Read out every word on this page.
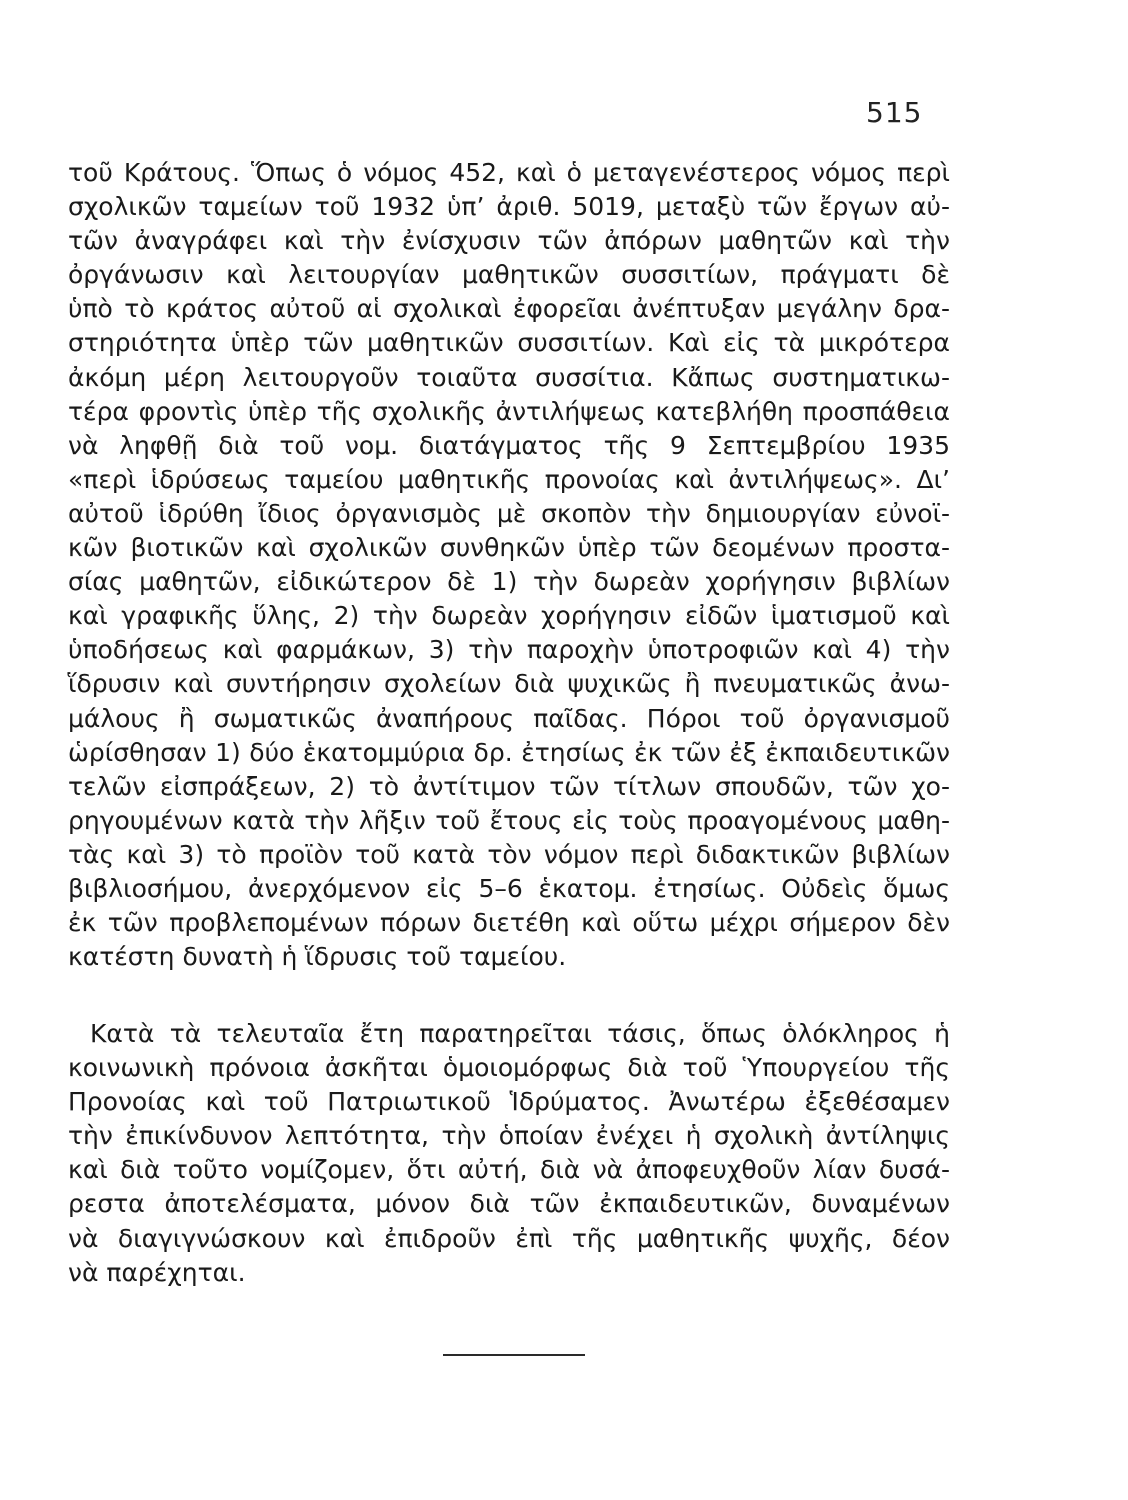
515
τοῦ Κράτους. Ὅπως ὁ νόμος 452, καὶ ὁ μεταγενέστερος νόμος περὶ
σχολικῶν ταμείων τοῦ 1932 ὑπ’ ἀριθ. 5019, μεταξὺ τῶν ἔργων αὐ-
τῶν ἀναγράφει καὶ τὴν ἐνίσχυσιν τῶν ἀπόρων μαθητῶν καὶ τὴν
ὀργάνωσιν καὶ λειτουργίαν μαθητικῶν συσσιτίων, πράγματι δὲ
ὑπὸ τὸ κράτος αὐτοῦ αἱ σχολικαὶ ἐφορεῖαι ἀνέπτυξαν μεγάλην δρα-
στηριότητα ὑπὲρ τῶν μαθητικῶν συσσιτίων. Καὶ εἰς τὰ μικρότερα
ἀκόμη μέρη λειτουργοῦν τοιαῦτα συσσίτια. Κἄπως συστηματικω-
τέρα φροντὶς ὑπὲρ τῆς σχολικῆς ἀντιλήψεως κατεβλήθη προσπάθεια
νὰ ληφθῇ διὰ τοῦ νομ. διατάγματος τῆς 9 Σεπτεμβρίου 1935
«περὶ ἱδρύσεως ταμείου μαθητικῆς προνοίας καὶ ἀντιλήψεως». Δι’
αὐτοῦ ἱδρύθη ἴδιος ὀργανισμὸς μὲ σκοπὸν τὴν δημιουργίαν εὐνοϊ-
κῶν βιοτικῶν καὶ σχολικῶν συνθηκῶν ὑπὲρ τῶν δεομένων προστα-
σίας μαθητῶν, εἰδικώτερον δὲ 1) τὴν δωρεὰν χορήγησιν βιβλίων
καὶ γραφικῆς ὕλης, 2) τὴν δωρεὰν χορήγησιν εἰδῶν ἱματισμοῦ καὶ
ὑποδήσεως καὶ φαρμάκων, 3) τὴν παροχὴν ὑποτροφιῶν καὶ 4) τὴν
ἵδρυσιν καὶ συντήρησιν σχολείων διὰ ψυχικῶς ἢ πνευματικῶς ἀνω-
μάλους ἢ σωματικῶς ἀναπήρους παῖδας. Πόροι τοῦ ὀργανισμοῦ
ὡρίσθησαν 1) δύο ἑκατομμύρια δρ. ἐτησίως ἐκ τῶν ἐξ ἐκπαιδευτικῶν
τελῶν εἰσπράξεων, 2) τὸ ἀντίτιμον τῶν τίτλων σπουδῶν, τῶν χο-
ρηγουμένων κατὰ τὴν λῆξιν τοῦ ἔτους εἰς τοὺς προαγομένους μαθη-
τὰς καὶ 3) τὸ προϊὸν τοῦ κατὰ τὸν νόμον περὶ διδακτικῶν βιβλίων
βιβλιοσήμου, ἀνερχόμενον εἰς 5–6 ἑκατομ. ἐτησίως. Οὐδεὶς ὅμως
ἐκ τῶν προβλεπομένων πόρων διετέθη καὶ οὕτω μέχρι σήμερον δὲν
κατέστη δυνατὴ ἡ ἵδρυσις τοῦ ταμείου.
Κατὰ τὰ τελευταῖα ἔτη παρατηρεῖται τάσις, ὅπως ὁλόκληρος ἡ
κοινωνικὴ πρόνοια ἀσκῆται ὁμοιομόρφως διὰ τοῦ Ὑπουργείου τῆς
Προνοίας καὶ τοῦ Πατριωτικοῦ Ἱδρύματος. Ἀνωτέρω ἐξεθέσαμεν
τὴν ἐπικίνδυνον λεπτότητα, τὴν ὁποίαν ἐνέχει ἡ σχολικὴ ἀντίληψις
καὶ διὰ τοῦτο νομίζομεν, ὅτι αὐτή, διὰ νὰ ἀποφευχθοῦν λίαν δυσά-
ρεστα ἀποτελέσματα, μόνον διὰ τῶν ἐκπαιδευτικῶν, δυναμένων
νὰ διαγιγνώσκουν καὶ ἐπιδροῦν ἐπὶ τῆς μαθητικῆς ψυχῆς, δέον
νὰ παρέχηται.
